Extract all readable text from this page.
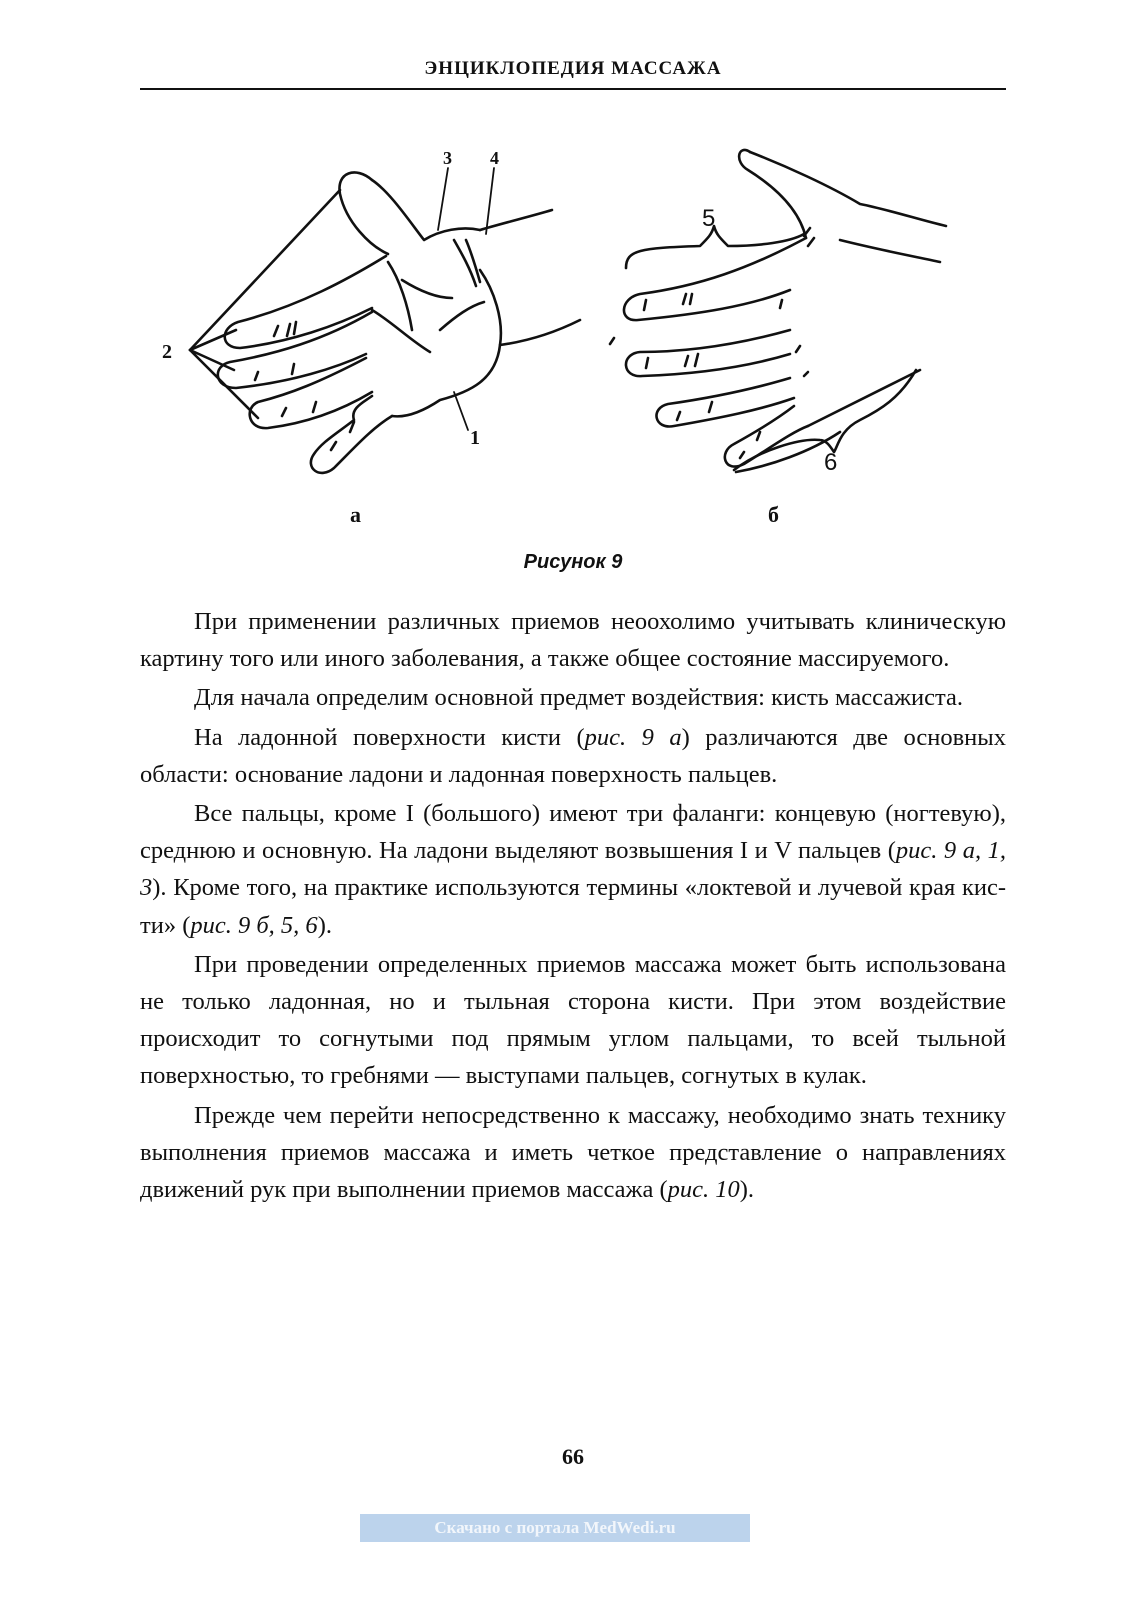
ЭНЦИКЛОПЕДИЯ МАССАЖА
2
3 4
1
5
6
а	б
Рисунок 9

При применении различных приемов неоохолимо учитывать клиническую картину того или иного заболевания, а также общее состояние массируемого.

Для начала определим основной предмет воздействия: кисть массажиста.

На ладонной поверхности кисти (рис. 9 а) различаются две основных области: основание ладони и ладонная поверхность пальцев.

Все пальцы, кроме I (большого) имеют три фаланги: концевую (ногтевую), среднюю и основную. На ладони выделяют возвышения I и V пальцев (рис. 9 а, 1, 3). Кроме того, на практике используются термины «локтевой и лучевой края кисти» (рис. 9 б, 5, 6).

При проведении определенных приемов массажа может быть использована не только ладонная, но и тыльная сторона кисти. При этом воздействие происходит то согнутыми под прямым углом пальцами, то всей тыльной поверхностью, то гребнями — выступами пальцев, согнутых в кулак.

Прежде чем перейти непосредственно к массажу, необходимо знать технику выполнения приемов массажа и иметь четкое представление о направлениях движений рук при выполнении приемов массажа (рис. 10).

66
Скачано с портала MedWedi.ru
